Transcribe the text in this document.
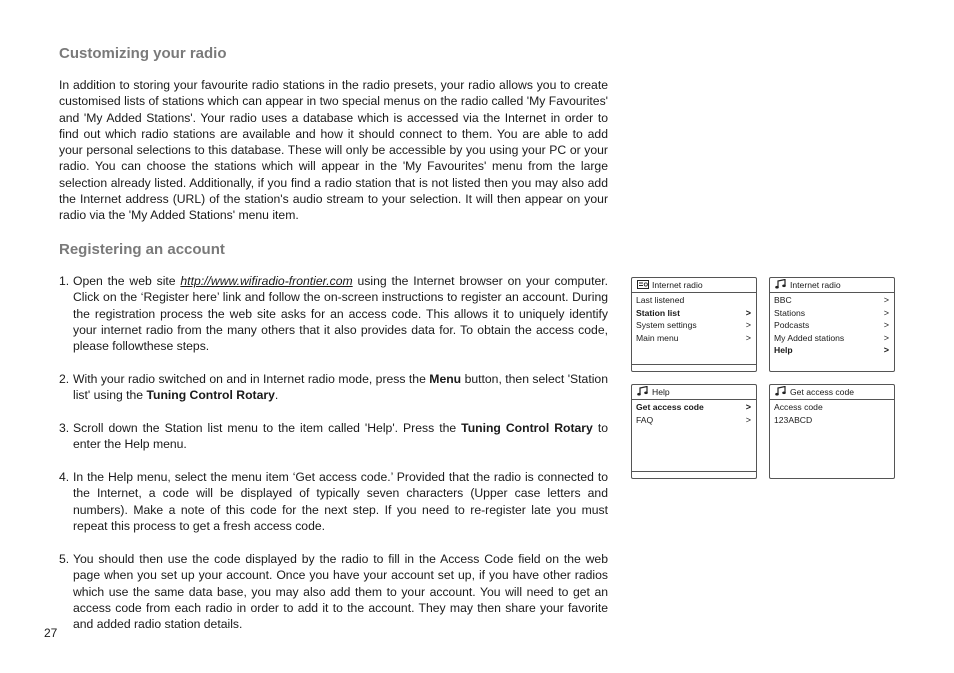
Customizing your radio

In addition to storing your favourite radio stations in the radio presets, your radio allows you to create customised lists of stations which can appear in two special menus on the radio called 'My Favourites' and 'My Added Stations'. Your radio uses a database which is accessed via the Internet in order to find out which radio stations are available and how it should connect to them. You are able to add your personal selections to this database. These will only be accessible by you using your PC or your radio. You can choose the stations which will appear in the 'My Favourites' menu from the large selection already listed. Additionally, if you find a radio station that is not listed then you may also add the Internet address (URL) of the station's audio stream to your selection. It will then appear on your radio via the 'My Added Stations' menu item.

Registering an account

1. Open the web site http://www.wifiradio-frontier.com using the Internet browser on your computer. Click on the ‘Register here’ link and follow the on-screen instructions to register an account. During the registration process the web site asks for an access code. This allows it to uniquely identify your internet radio from the many others that it also provides data for. To obtain the access code, please followthese steps.

2. With your radio switched on and in Internet radio mode, press the Menu button, then select 'Station list' using the Tuning Control Rotary.

3. Scroll down the Station list menu to the item called 'Help'. Press the Tuning Control Rotary to enter the Help menu.

4. In the Help menu, select the menu item ‘Get access code.’ Provided that the radio is connected to the Internet, a code will be displayed of typically seven characters (Upper case letters and numbers). Make a note of this code for the next step. If you need to re-register late you must repeat this process to get a fresh access code.

5. You should then use the code displayed by the radio to fill in the Access Code field on the web page when you set up your account. Once you have your account set up, if you have other radios which use the same data base, you may also add them to your account. You will need to get an access code from each radio in order to add it to the account. They may then share your favorite and added radio station details.

27
Internet radio
Last listened
Station list	>
System settings	>
Main menu	>
Internet radio
BBC	>
Stations	>
Podcasts	>
My Added stations	>
Help	>
Help
Get access code	>
FAQ	>
Get access code
Access code
123ABCD
